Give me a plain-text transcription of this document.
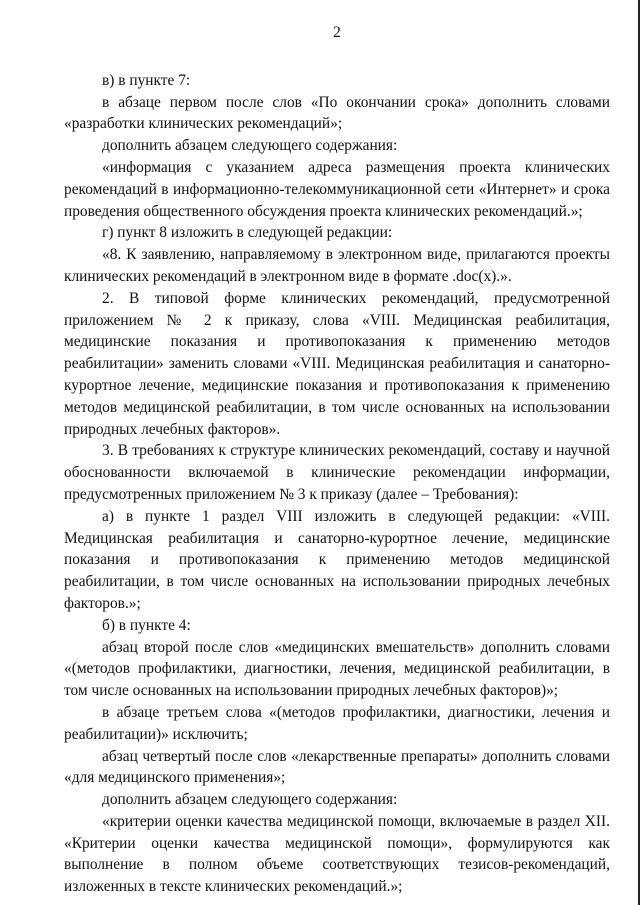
2

в) в пункте 7:

в абзаце первом после слов «По окончании срока» дополнить словами «разработки клинических рекомендаций»;

дополнить абзацем следующего содержания:

«информация с указанием адреса размещения проекта клинических рекомендаций в информационно-телекоммуникационной сети «Интернет» и срока проведения общественного обсуждения проекта клинических рекомендаций.»;

г) пункт 8 изложить в следующей редакции:

«8. К заявлению, направляемому в электронном виде, прилагаются проекты клинических рекомендаций в электронном виде в формате .doc(x).».

2. В типовой форме клинических рекомендаций, предусмотренной приложением № 2 к приказу, слова «VIII. Медицинская реабилитация, медицинские показания и противопоказания к применению методов реабилитации» заменить словами «VIII. Медицинская реабилитация и санаторно-курортное лечение, медицинские показания и противопоказания к применению методов медицинской реабилитации, в том числе основанных на использовании природных лечебных факторов».

3. В требованиях к структуре клинических рекомендаций, составу и научной обоснованности включаемой в клинические рекомендации информации, предусмотренных приложением № 3 к приказу (далее – Требования):

а) в пункте 1 раздел VIII изложить в следующей редакции: «VIII. Медицинская реабилитация и санаторно-курортное лечение, медицинские показания и противопоказания к применению методов медицинской реабилитации, в том числе основанных на использовании природных лечебных факторов.»;

б) в пункте 4:

абзац второй после слов «медицинских вмешательств» дополнить словами «(методов профилактики, диагностики, лечения, медицинской реабилитации, в том числе основанных на использовании природных лечебных факторов)»;

в абзаце третьем слова «(методов профилактики, диагностики, лечения и реабилитации)» исключить;

абзац четвертый после слов «лекарственные препараты» дополнить словами «для медицинского применения»;

дополнить абзацем следующего содержания:

«критерии оценки качества медицинской помощи, включаемые в раздел XII. «Критерии оценки качества медицинской помощи», формулируются как выполнение в полном объеме соответствующих тезисов-рекомендаций, изложенных в тексте клинических рекомендаций.»;
